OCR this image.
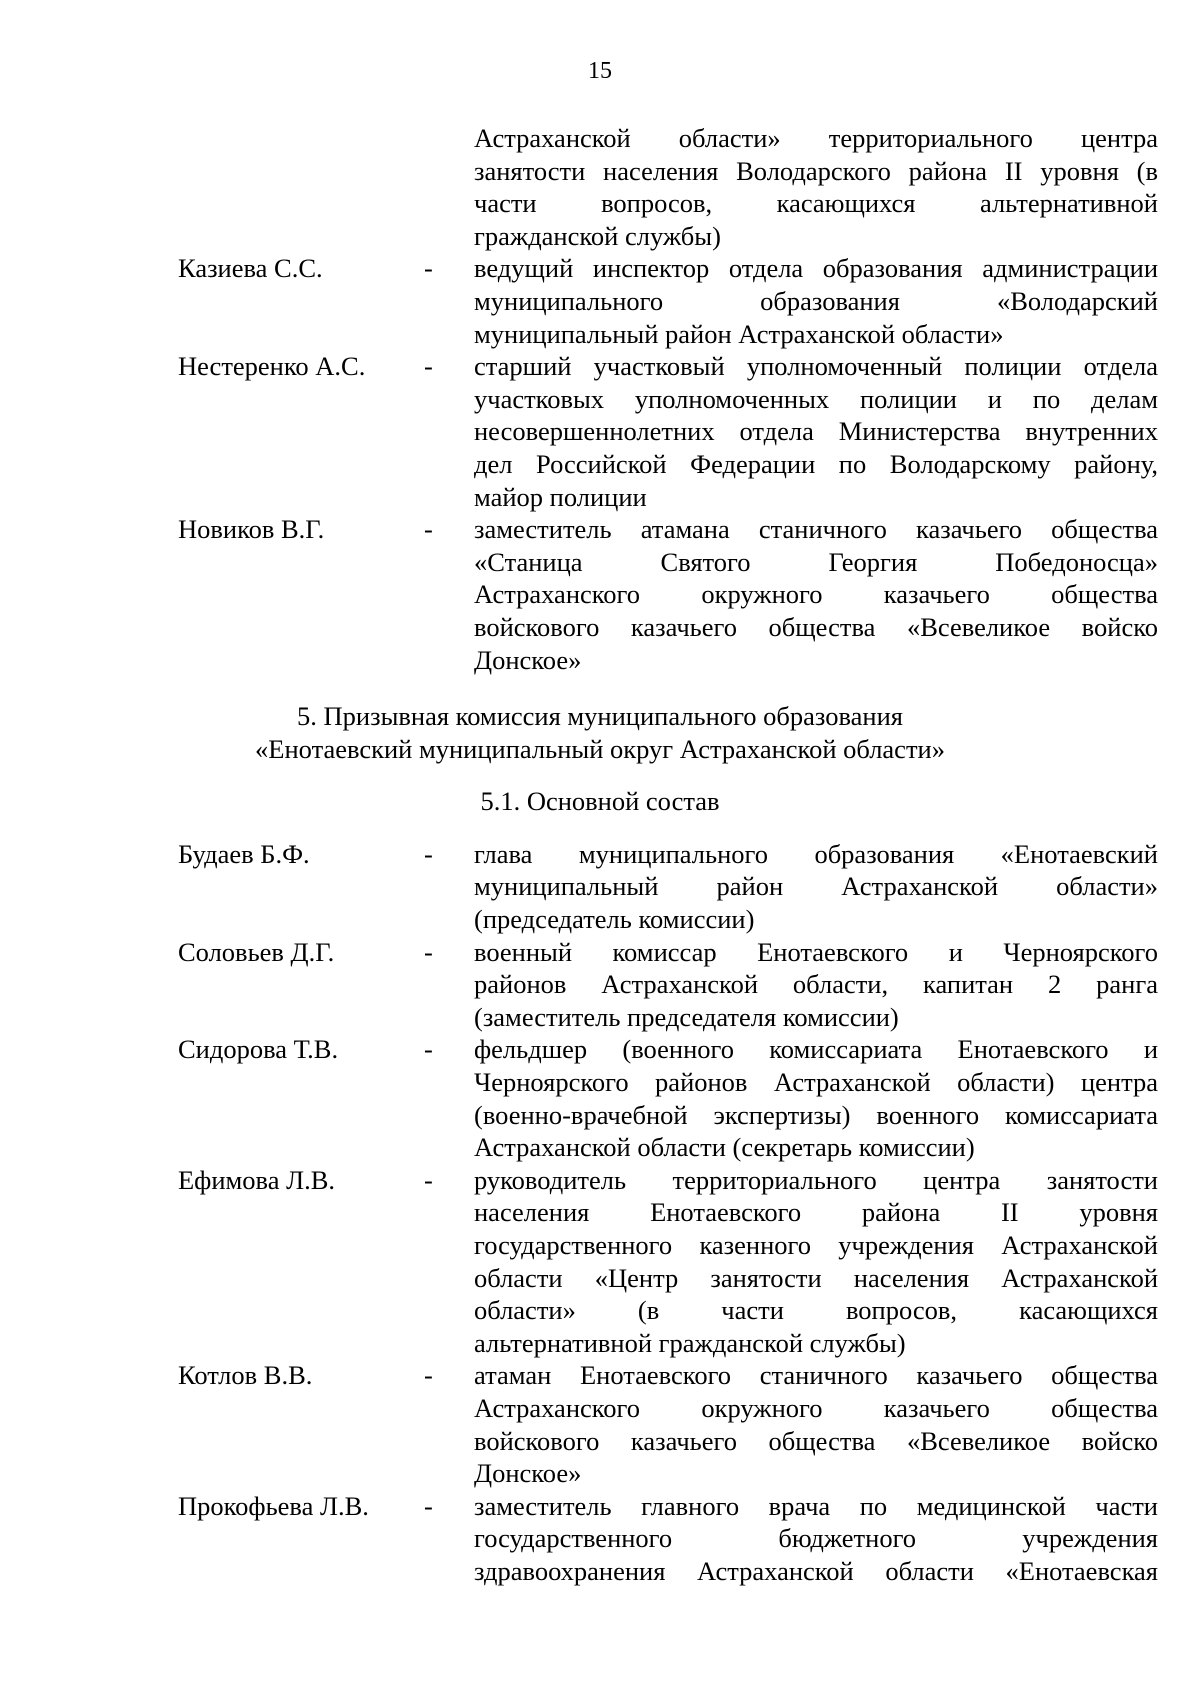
15
Астраханской области» территориального центра
занятости населения Володарского района II уровня (в
части вопросов, касающихся альтернативной
гражданской службы)
Казиева С.С.	-	ведущий инспектор отдела образования администрации
муниципального образования «Володарский
муниципальный район Астраханской области»
Нестеренко А.С.	-	старший участковый уполномоченный полиции отдела
участковых уполномоченных полиции и по делам
несовершеннолетних отдела Министерства внутренних
дел Российской Федерации по Володарскому району,
майор полиции
Новиков В.Г.	-	заместитель атамана станичного казачьего общества
«Станица Святого Георгия Победоносца»
Астраханского окружного казачьего общества
войскового казачьего общества «Всевеликое войско
Донское»
5. Призывная комиссия муниципального образования
«Енотаевский муниципальный округ Астраханской области»
5.1. Основной состав
Будаев Б.Ф.	-	глава муниципального образования «Енотаевский
муниципальный район Астраханской области»
(председатель комиссии)
Соловьев Д.Г.	-	военный комиссар Енотаевского и Черноярского
районов Астраханской области, капитан 2 ранга
(заместитель председателя комиссии)
Сидорова Т.В.	-	фельдшер (военного комиссариата Енотаевского и
Черноярского районов Астраханской области) центра
(военно-врачебной экспертизы) военного комиссариата
Астраханской области (секретарь комиссии)
Ефимова Л.В.	-	руководитель территориального центра занятости
населения Енотаевского района II уровня
государственного казенного учреждения Астраханской
области «Центр занятости населения Астраханской
области» (в части вопросов, касающихся
альтернативной гражданской службы)
Котлов В.В.	-	атаман Енотаевского станичного казачьего общества
Астраханского окружного казачьего общества
войскового казачьего общества «Всевеликое войско
Донское»
Прокофьева Л.В.	-	заместитель главного врача по медицинской части
государственного бюджетного учреждения
здравоохранения Астраханской области «Енотаевская
